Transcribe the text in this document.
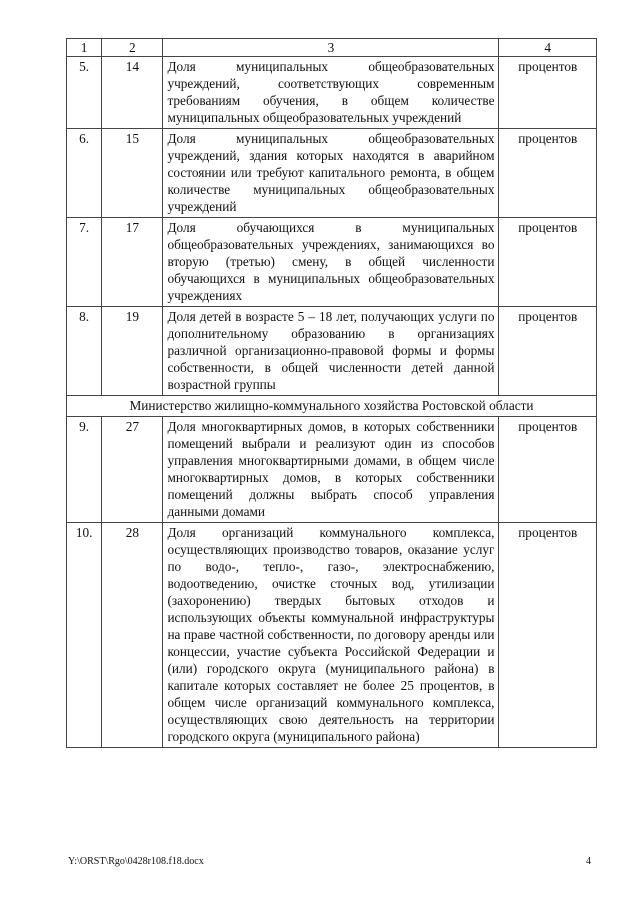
1	2	3	4
5.	14	Доля муниципальных общеобразовательных учреждений, соответствующих современным требованиям обучения, в общем количестве муниципальных общеобразовательных учреждений	процентов
6.	15	Доля муниципальных общеобразовательных учреждений, здания которых находятся в аварийном состоянии или требуют капитального ремонта, в общем количестве муниципальных общеобразовательных учреждений	процентов
7.	17	Доля обучающихся в муниципальных общеобразовательных учреждениях, занимающихся во вторую (третью) смену, в общей численности обучающихся в муниципальных общеобразовательных учреждениях	процентов
8.	19	Доля детей в возрасте 5 – 18 лет, получающих услуги по дополнительному образованию в организациях различной организационно-правовой формы и формы собственности, в общей численности детей данной возрастной группы	процентов
Министерство жилищно-коммунального хозяйства Ростовской области			
9.	27	Доля многоквартирных домов, в которых собственники помещений выбрали и реализуют один из способов управления многоквартирными домами, в общем числе многоквартирных домов, в которых собственники помещений должны выбрать способ управления данными домами	процентов
10.	28	Доля организаций коммунального комплекса, осуществляющих производство товаров, оказание услуг по водо-, тепло-, газо-, электроснабжению, водоотведению, очистке сточных вод, утилизации (захоронению) твердых бытовых отходов и использующих объекты коммунальной инфраструктуры на праве частной собственности, по договору аренды или концессии, участие субъекта Российской Федерации и (или) городского округа (муниципального района) в капитале которых составляет не более 25 процентов, в общем числе организаций коммунального комплекса, осуществляющих свою деятельность на территории городского округа (муниципального района)	процентов
Y:\ORST\Rgo\0428r108.f18.docx	4
